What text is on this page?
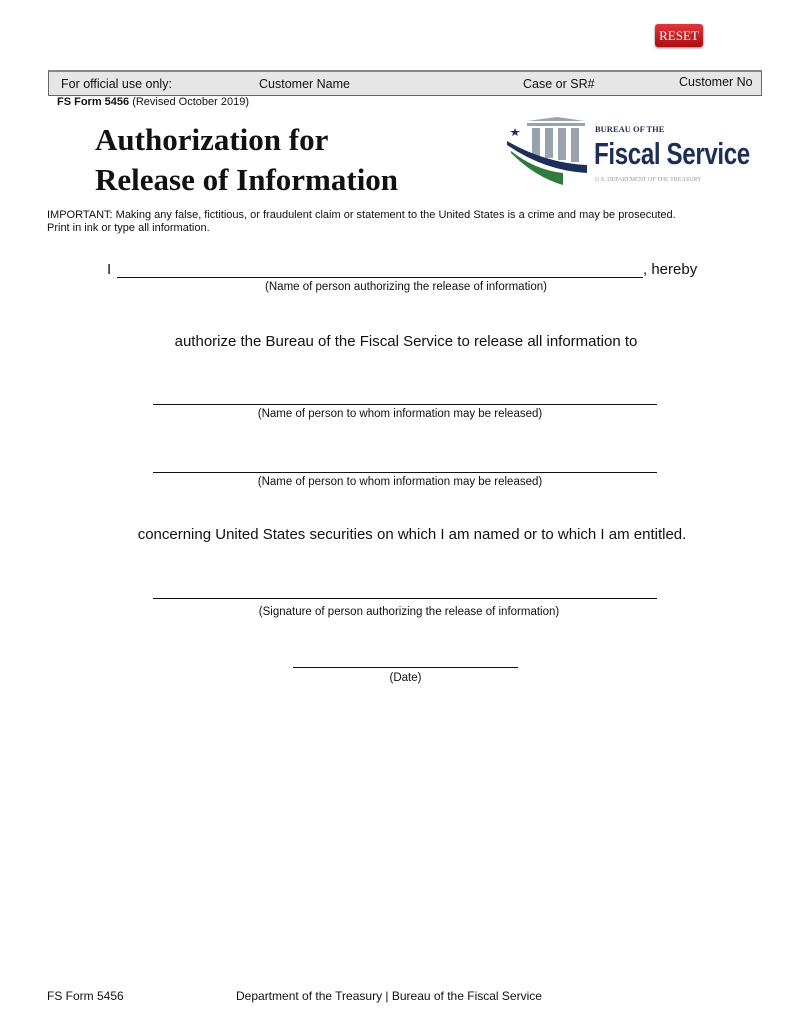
RESET
For official use only:	Customer Name	Case or SR#	Customer No
FS Form 5456 (Revised October 2019)
Authorization for
Release of Information
BUREAU OF THE
Fiscal Service
U.S. DEPARTMENT OF THE TREASURY
IMPORTANT: Making any false, fictitious, or fraudulent claim or statement to the United States is a crime and may be prosecuted. Print in ink or type all information.
I	, hereby
(Name of person authorizing the release of information)
authorize the Bureau of the Fiscal Service to release all information to
(Name of person to whom information may be released)
(Name of person to whom information may be released)
concerning United States securities on which I am named or to which I am entitled.
(Signature of person authorizing the release of information)
(Date)
FS Form 5456	Department of the Treasury | Bureau of the Fiscal Service
